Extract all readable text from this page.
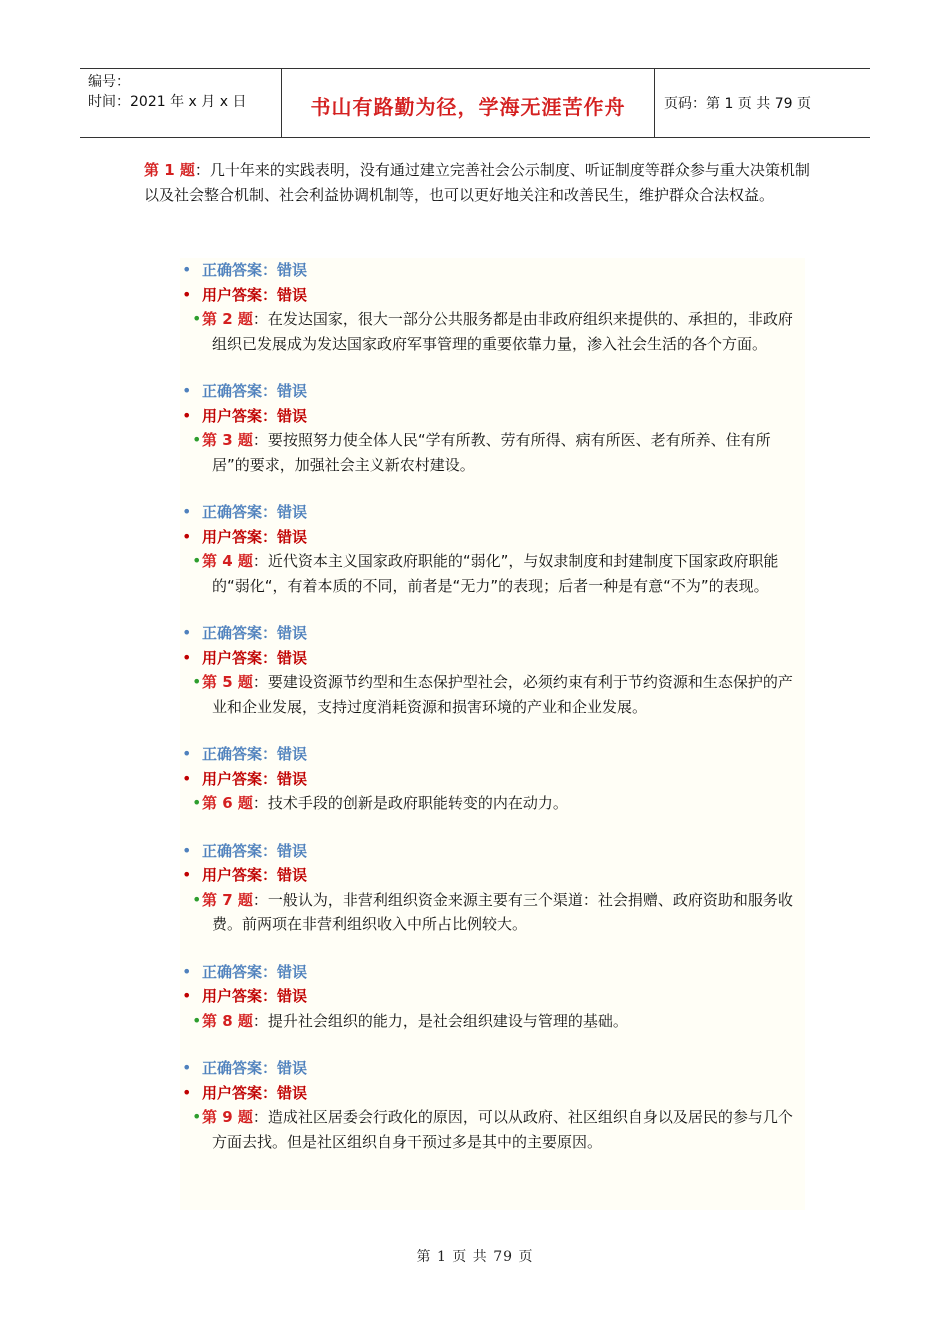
编号：
时间：2021 年 x 月 x 日	书山有路勤为径，学海无涯苦作舟	页码：第 1 页 共 79 页

第 1 题：几十年来的实践表明，没有通过建立完善社会公示制度、听证制度等群众参与重大决策机制以及社会整合机制、社会利益协调机制等，也可以更好地关注和改善民生，维护群众合法权益。

• 正确答案：错误
• 用户答案：错误
• 第 2 题：在发达国家，很大一部分公共服务都是由非政府组织来提供的、承担的，非政府组织已发展成为发达国家政府军事管理的重要依靠力量，渗入社会生活的各个方面。
• 正确答案：错误
• 用户答案：错误
• 第 3 题：要按照努力使全体人民“学有所教、劳有所得、病有所医、老有所养、住有所居”的要求，加强社会主义新农村建设。
• 正确答案：错误
• 用户答案：错误
• 第 4 题：近代资本主义国家政府职能的“弱化”，与奴隶制度和封建制度下国家政府职能的“弱化“，有着本质的不同，前者是“无力”的表现；后者一种是有意“不为”的表现。
• 正确答案：错误
• 用户答案：错误
• 第 5 题：要建设资源节约型和生态保护型社会，必须约束有利于节约资源和生态保护的产业和企业发展，支持过度消耗资源和损害环境的产业和企业发展。
• 正确答案：错误
• 用户答案：错误
• 第 6 题：技术手段的创新是政府职能转变的内在动力。
• 正确答案：错误
• 用户答案：错误
• 第 7 题：一般认为，非营利组织资金来源主要有三个渠道：社会捐赠、政府资助和服务收费。前两项在非营利组织收入中所占比例较大。
• 正确答案：错误
• 用户答案：错误
• 第 8 题：提升社会组织的能力，是社会组织建设与管理的基础。
• 正确答案：错误
• 用户答案：错误
• 第 9 题：造成社区居委会行政化的原因，可以从政府、社区组织自身以及居民的参与几个方面去找。但是社区组织自身干预过多是其中的主要原因。
第 1 页 共 79 页
